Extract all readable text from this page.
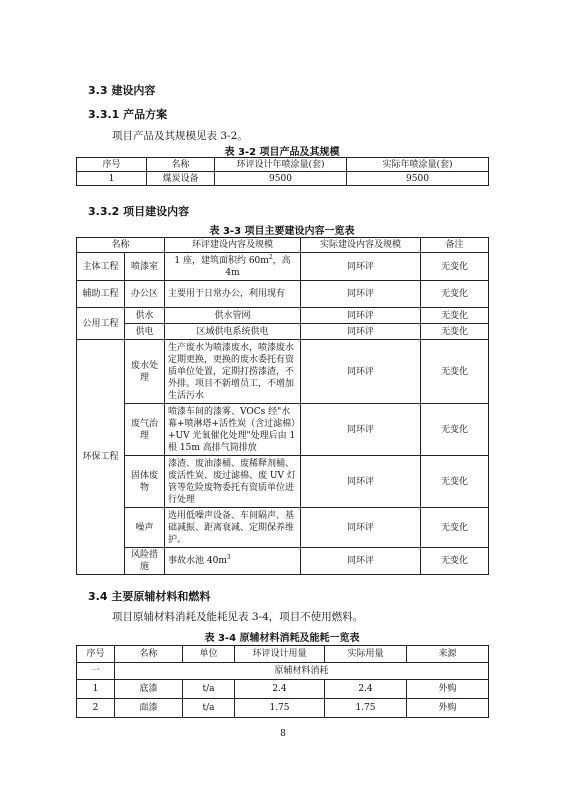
3.3 建设内容
3.3.1 产品方案
项目产品及其规模见表 3-2。
表 3-2 项目产品及其规模
序号	名称	环评设计年喷涂量(套)	实际年喷涂量(套)
1	煤炭设备	9500	9500
3.3.2 项目建设内容
表 3-3 项目主要建设内容一览表
名称		环评建设内容及规模	实际建设内容及规模	备注
主体工程	喷漆室	1 座，建筑面积约 $60m^2$，高 4m	同环评	无变化
辅助工程	办公区	主要用于日常办公，利用现有	同环评	无变化
公用工程	供水	供水管网	同环评	无变化
	供电	区域供电系统供电	同环评	无变化
环保工程	废水处理	生产废水为喷漆废水，喷漆废水定期更换，更换的废水委托有资质单位处置，定期打捞漆渣，不外排。项目不新增员工，不增加生活污水	同环评	无变化
	废气治理	喷漆车间的漆雾、VOCs 经"水幕+喷淋塔+活性炭（含过滤棉）+UV 光氧催化处理"处理后由 1 根 15m 高排气筒排放	同环评	无变化
	固体废物	漆渣、废油漆桶、废稀释剂桶、废活性炭、废过滤棉、废 UV 灯管等危险废物委托有资质单位进行处理	同环评	无变化
	噪声	选用低噪声设备、车间隔声、基础减振、距离衰减、定期保养维护。	同环评	无变化
	风险措施	事故水池 $40m^3$	同环评	无变化
3.4 主要原辅材料和燃料
项目原辅材料消耗及能耗见表 3-4，项目不使用燃料。
表 3-4 原辅材料消耗及能耗一览表
序号	名称	单位	环评设计用量	实际用量	来源
一	原辅材料消耗				
1	底漆	t/a	2.4	2.4	外购
2	面漆	t/a	1.75	1.75	外购
8
